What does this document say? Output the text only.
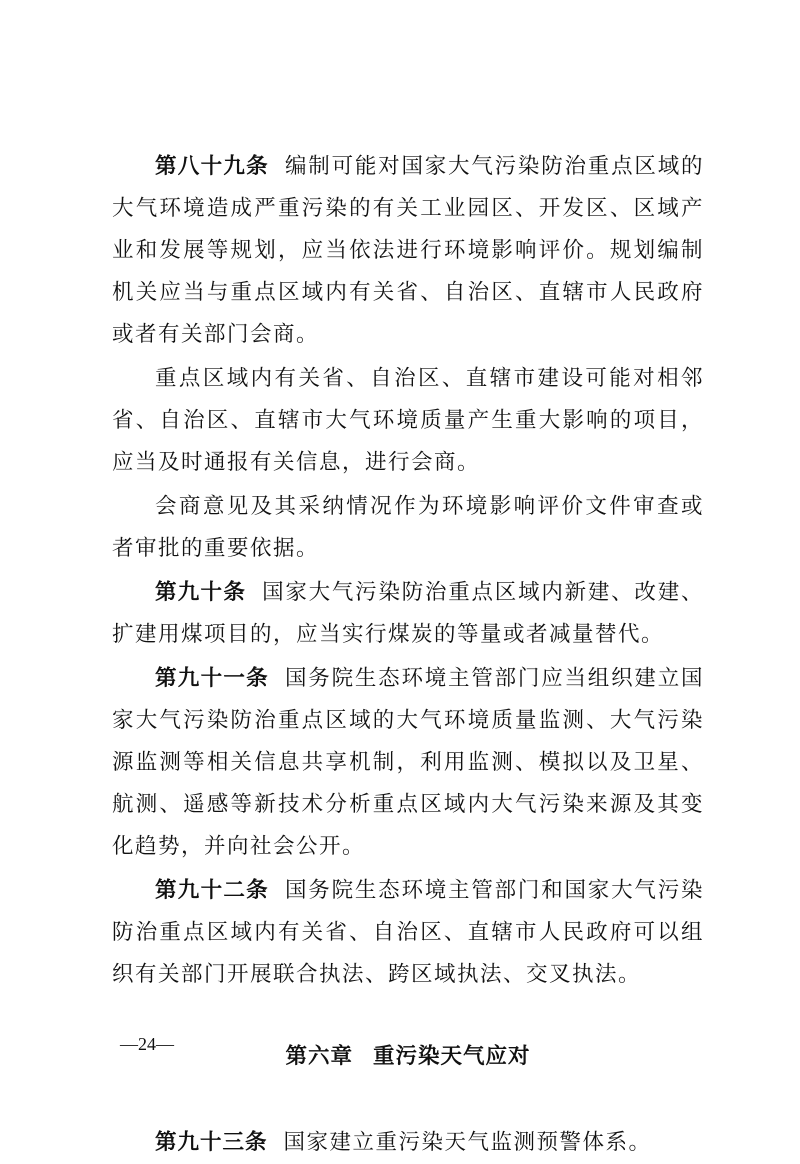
第八十九条 编制可能对国家大气污染防治重点区域的大气环境造成严重污染的有关工业园区、开发区、区域产业和发展等规划，应当依法进行环境影响评价。规划编制机关应当与重点区域内有关省、自治区、直辖市人民政府或者有关部门会商。

重点区域内有关省、自治区、直辖市建设可能对相邻省、自治区、直辖市大气环境质量产生重大影响的项目，应当及时通报有关信息，进行会商。

会商意见及其采纳情况作为环境影响评价文件审查或者审批的重要依据。

第九十条 国家大气污染防治重点区域内新建、改建、扩建用煤项目的，应当实行煤炭的等量或者减量替代。

第九十一条 国务院生态环境主管部门应当组织建立国家大气污染防治重点区域的大气环境质量监测、大气污染源监测等相关信息共享机制，利用监测、模拟以及卫星、航测、遥感等新技术分析重点区域内大气污染来源及其变化趋势，并向社会公开。

第九十二条 国务院生态环境主管部门和国家大气污染防治重点区域内有关省、自治区、直辖市人民政府可以组织有关部门开展联合执法、跨区域执法、交叉执法。

第六章 重污染天气应对

第九十三条 国家建立重污染天气监测预警体系。

—24—
